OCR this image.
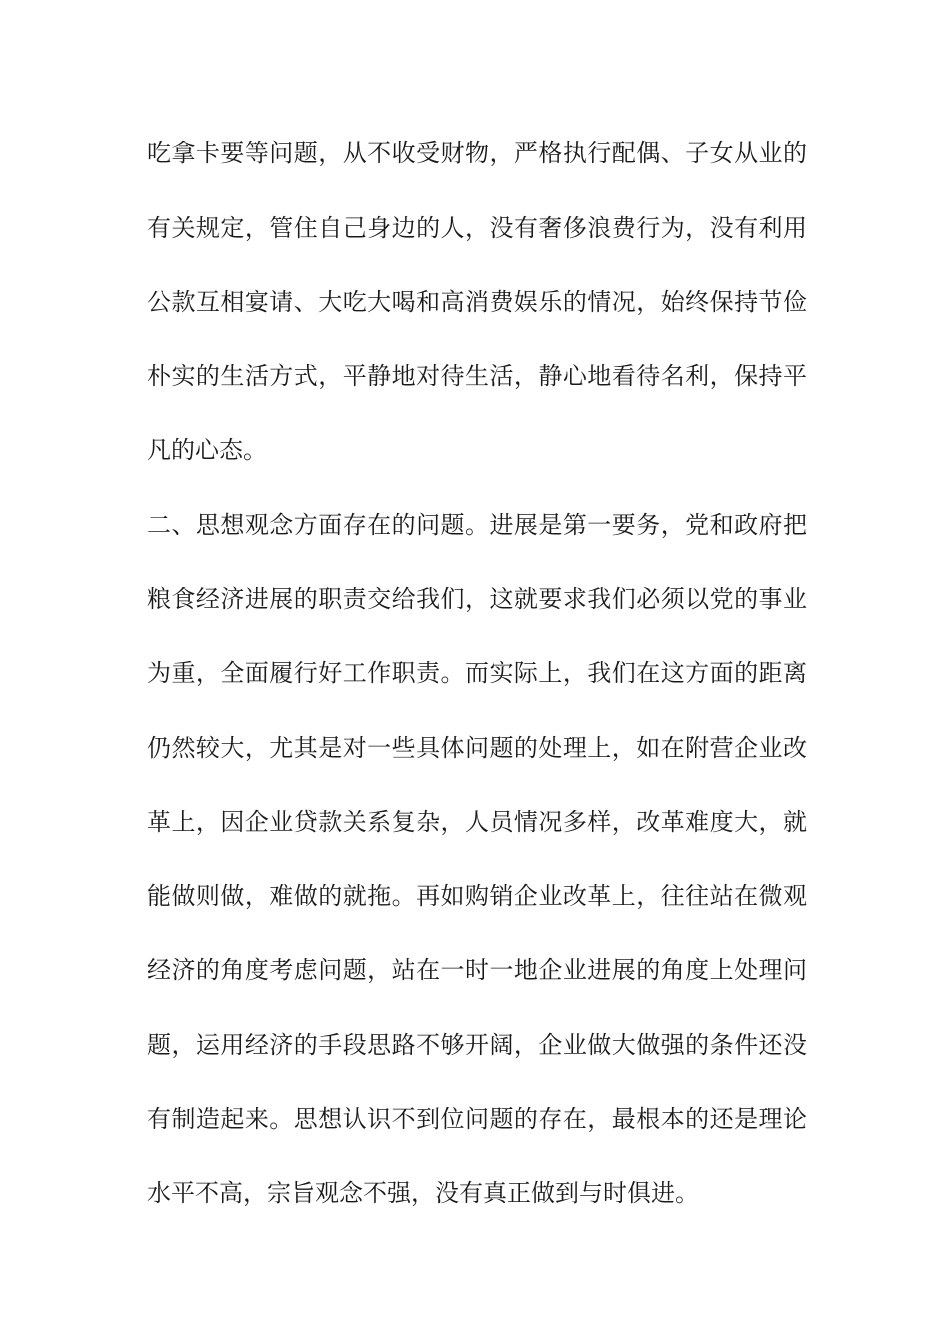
吃拿卡要等问题，从不收受财物，严格执行配偶、子女从业的
有关规定，管住自己身边的人，没有奢侈浪费行为，没有利用
公款互相宴请、大吃大喝和高消费娱乐的情况，始终保持节俭
朴实的生活方式，平静地对待生活，静心地看待名利，保持平
凡的心态。
二、思想观念方面存在的问题。进展是第一要务，党和政府把
粮食经济进展的职责交给我们，这就要求我们必须以党的事业
为重，全面履行好工作职责。而实际上，我们在这方面的距离
仍然较大，尤其是对一些具体问题的处理上，如在附营企业改
革上，因企业贷款关系复杂，人员情况多样，改革难度大，就
能做则做，难做的就拖。再如购销企业改革上，往往站在微观
经济的角度考虑问题，站在一时一地企业进展的角度上处理问
题，运用经济的手段思路不够开阔，企业做大做强的条件还没
有制造起来。思想认识不到位问题的存在，最根本的还是理论
水平不高，宗旨观念不强，没有真正做到与时俱进。
